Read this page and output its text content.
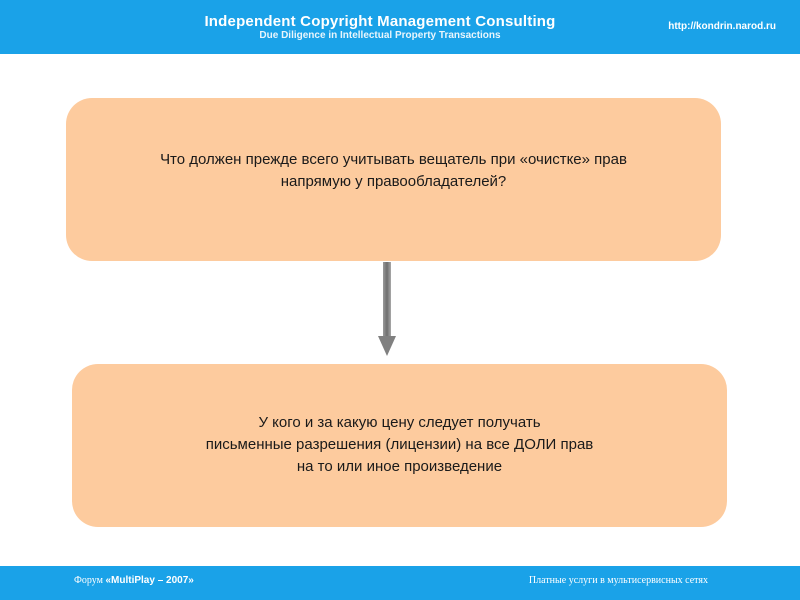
Independent Copyright Management Consulting
Due Diligence in Intellectual Property Transactions
http://kondrin.narod.ru
Что должен прежде всего учитывать вещатель при «очистке» прав
напрямую у правообладателей?
У кого и за какую цену следует получать
письменные разрешения (лицензии) на все ДОЛИ прав
на то или иное произведение
Форум «MultiPlay – 2007»	Платные услуги в мультисервисных сетях
